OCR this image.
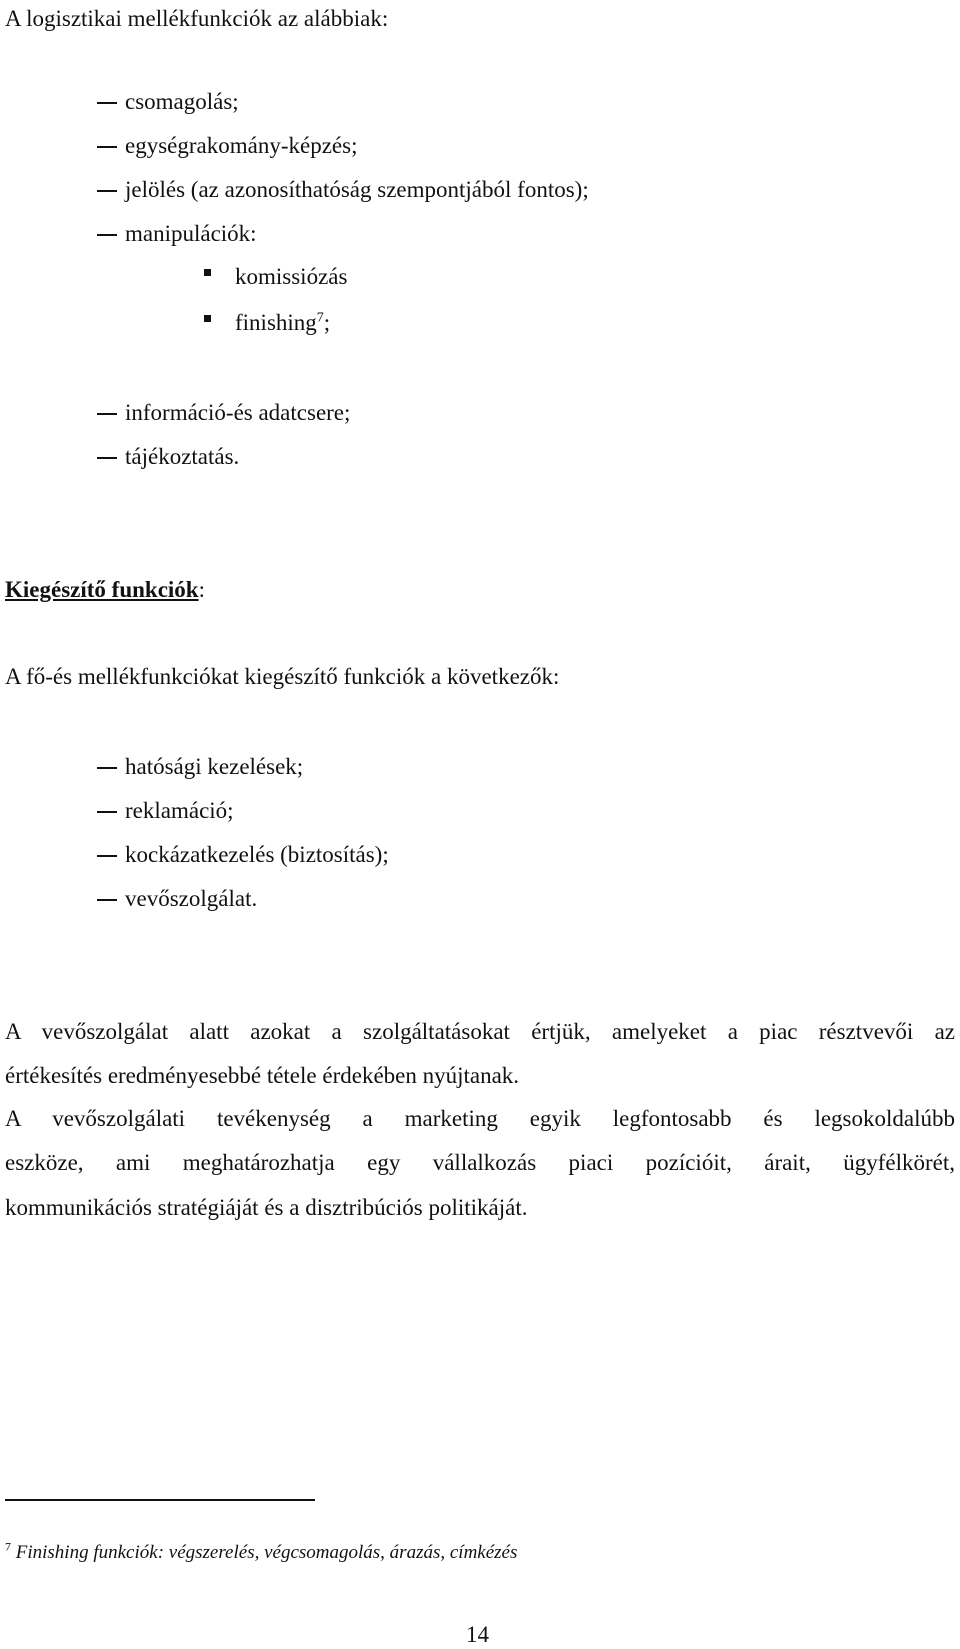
A logisztikai mellékfunkciók az alábbiak:
csomagolás;
egységrakomány-képzés;
jelölés (az azonosíthatóság szempontjából fontos);
manipulációk:
komissiózás
finishing$^7$;
információ-és adatcsere;
tájékoztatás.
Kiegészítő funkciók:
A fő-és mellékfunkciókat kiegészítő funkciók a következők:
hatósági kezelések;
reklamáció;
kockázatkezelés (biztosítás);
vevőszolgálat.
A vevőszolgálat alatt azokat a szolgáltatásokat értjük, amelyeket a piac résztvevői az
értékesítés eredményesebbé tétele érdekében nyújtanak.
A vevőszolgálati tevékenység a marketing egyik legfontosabb és legsokoldalúbb
eszköze, ami meghatározhatja egy vállalkozás piaci pozícióit, árait, ügyfélkörét,
kommunikációs stratégiáját és a disztribúciós politikáját.
$^7$ Finishing funkciók: végszerelés, végcsomagolás, árazás, címkézés
14
